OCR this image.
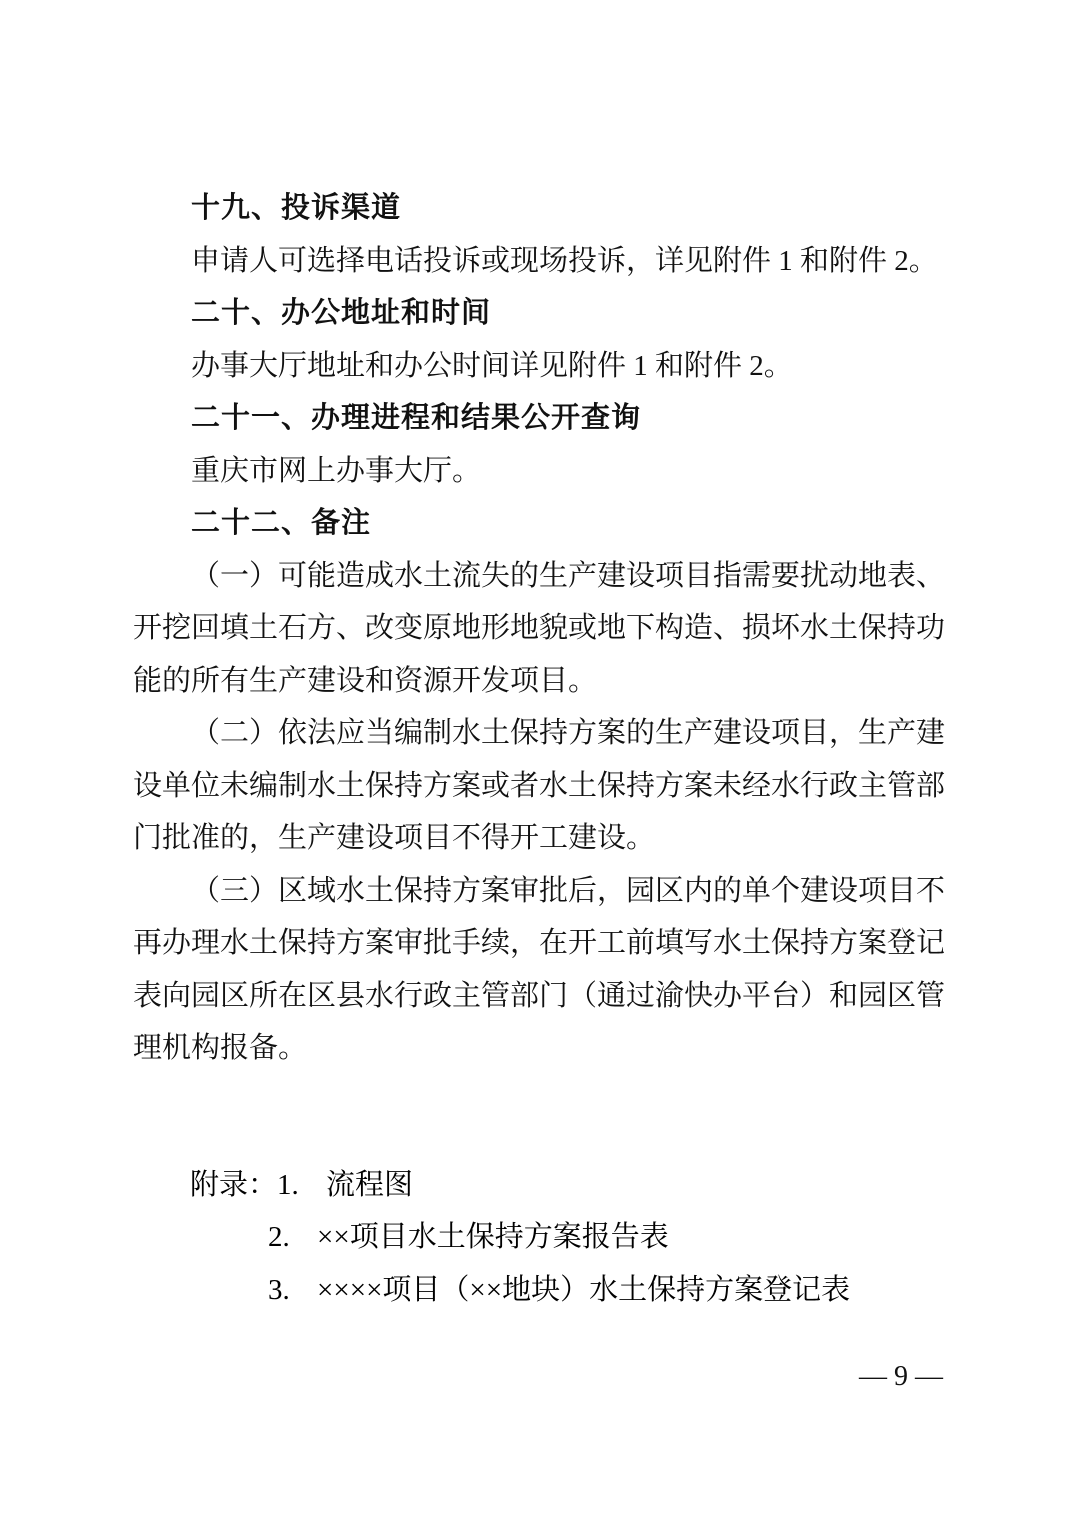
十九、投诉渠道

申请人可选择电话投诉或现场投诉，详见附件 1 和附件 2。

二十、办公地址和时间

办事大厅地址和办公时间详见附件 1 和附件 2。

二十一、办理进程和结果公开查询

重庆市网上办事大厅。

二十二、备注

（一）可能造成水土流失的生产建设项目指需要扰动地表、开挖回填土石方、改变原地形地貌或地下构造、损坏水土保持功能的所有生产建设和资源开发项目。

（二）依法应当编制水土保持方案的生产建设项目，生产建设单位未编制水土保持方案或者水土保持方案未经水行政主管部门批准的，生产建设项目不得开工建设。

（三）区域水土保持方案审批后，园区内的单个建设项目不再办理水土保持方案审批手续，在开工前填写水土保持方案登记表向园区所在区县水行政主管部门（通过渝快办平台）和园区管理机构报备。

附录： 1. 流程图
2. ××项目水土保持方案报告表
3. ××××项目（××地块）水土保持方案登记表
— 9 —
